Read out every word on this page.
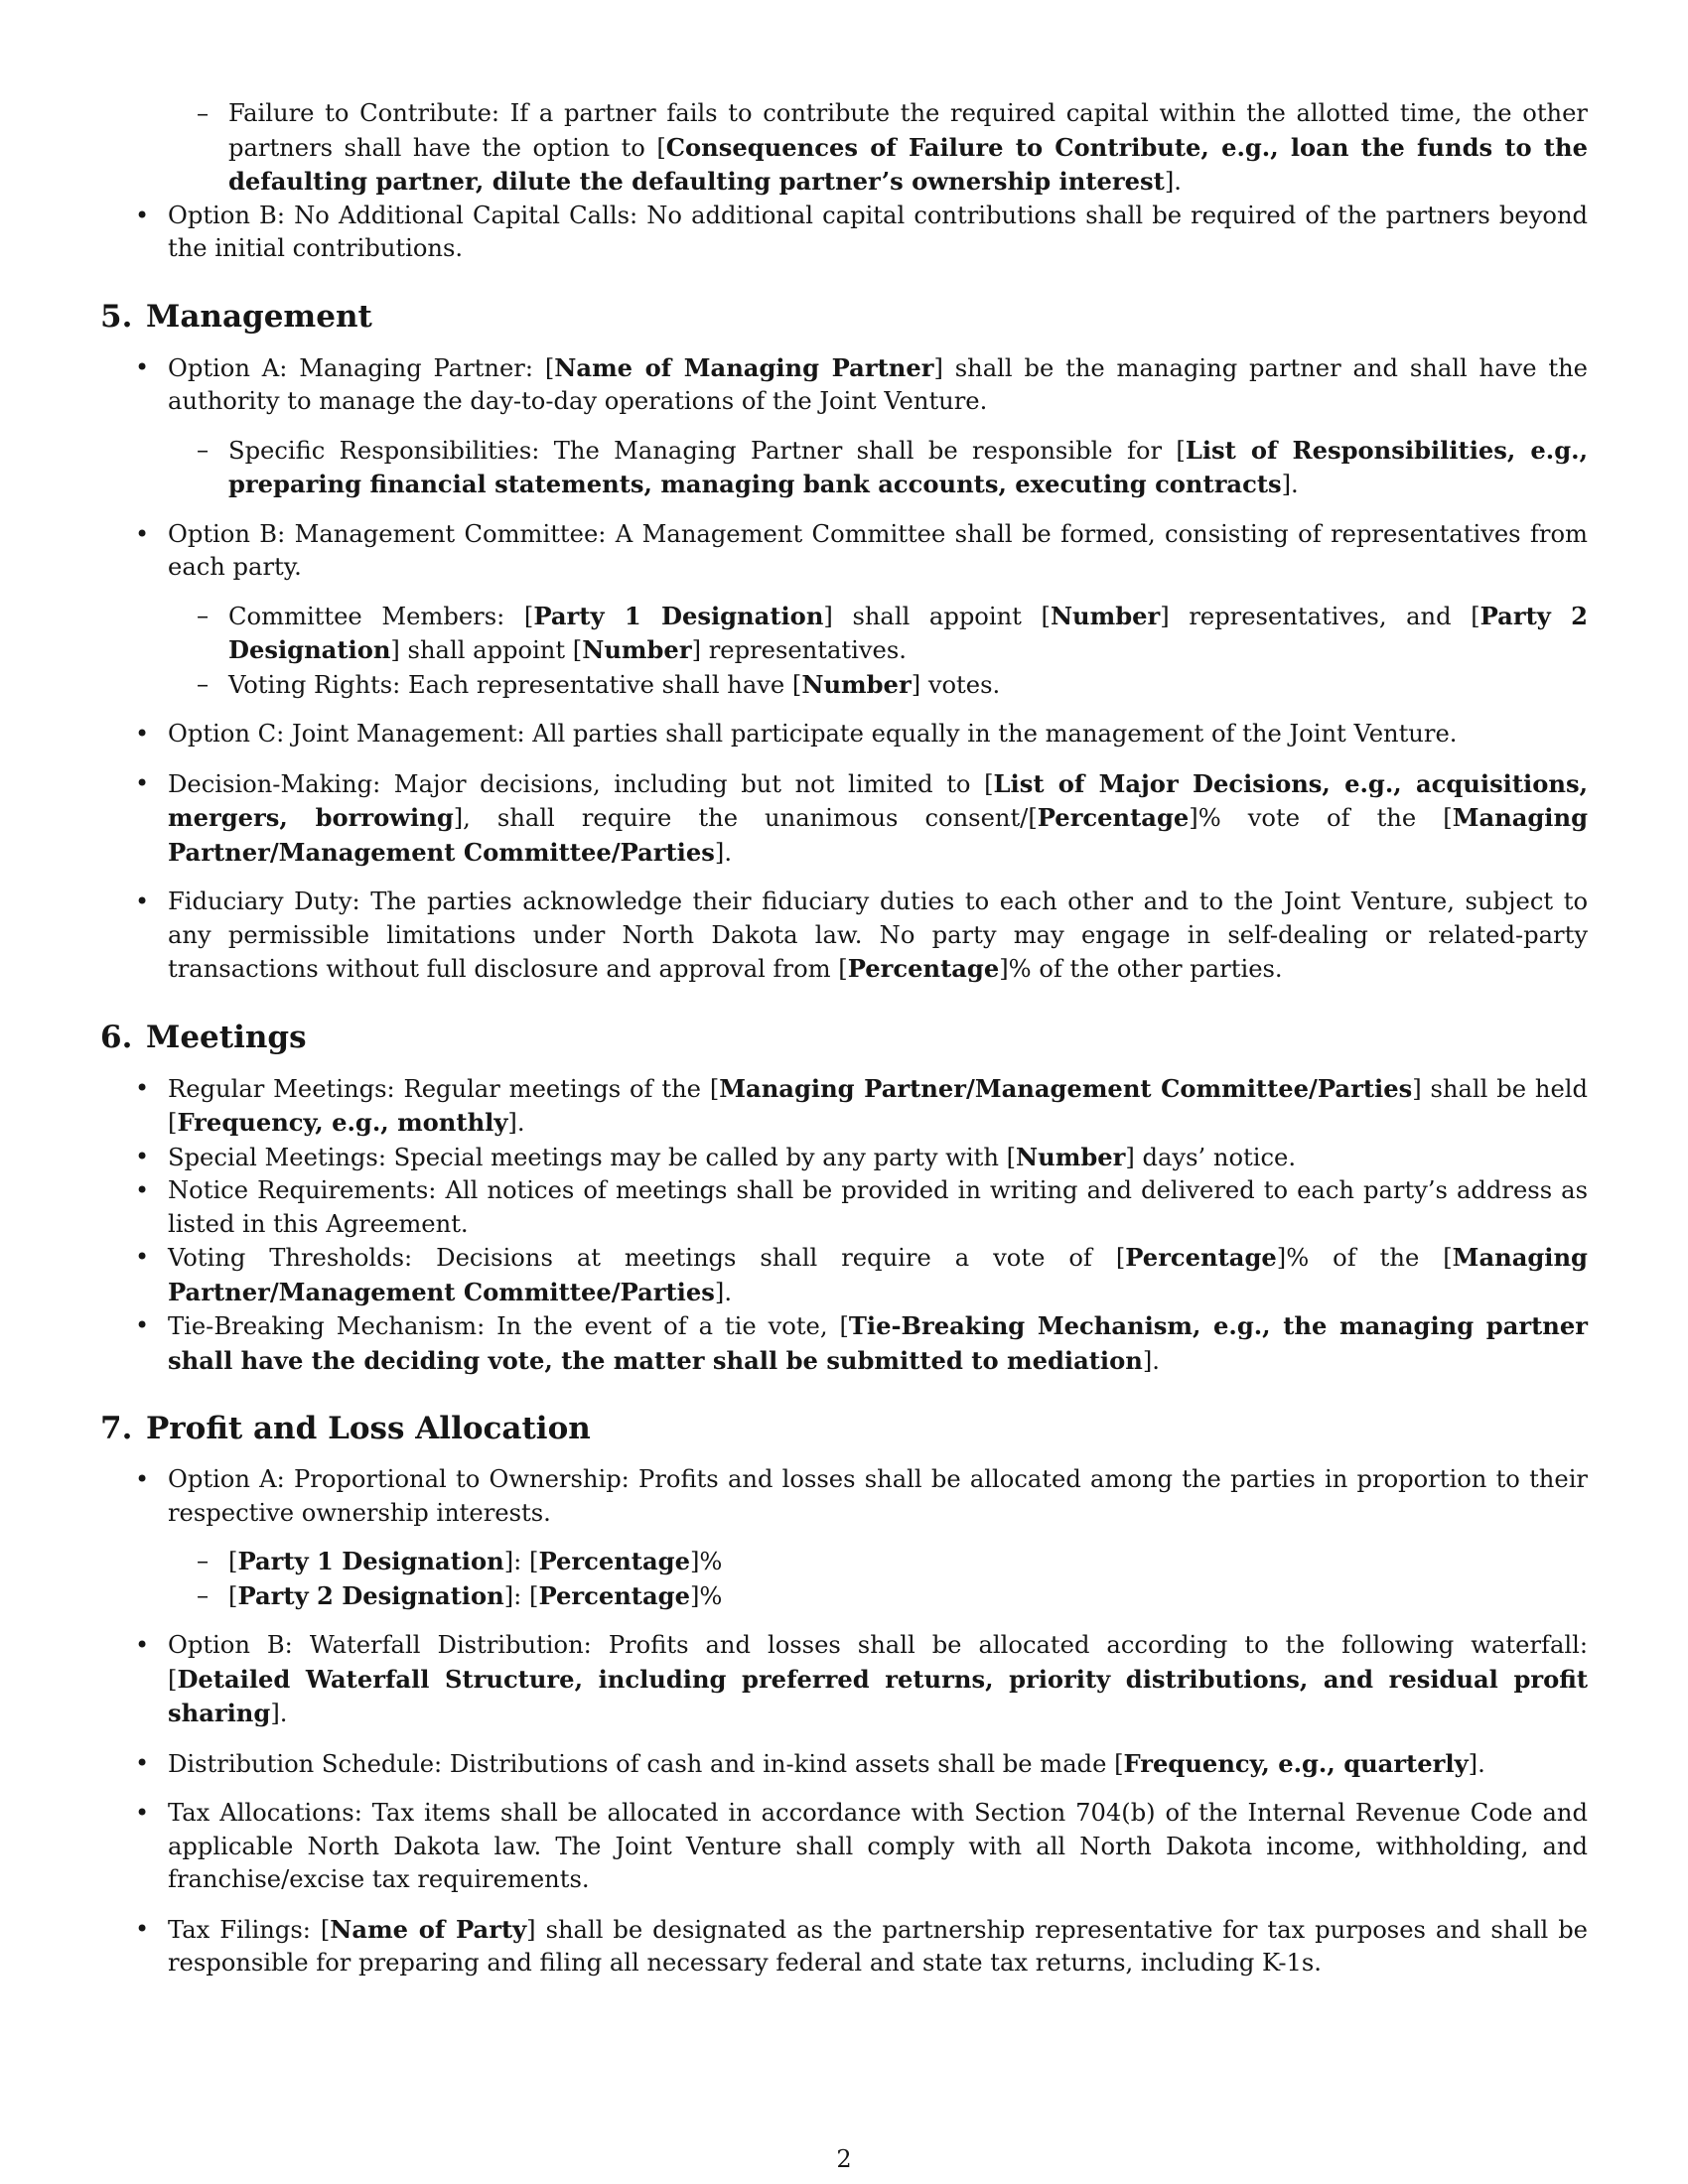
– Failure to Contribute: If a partner fails to contribute the required capital within the allotted time, the other partners shall have the option to [Consequences of Failure to Contribute, e.g., loan the funds to the defaulting partner, dilute the defaulting partner’s ownership interest].

• Option B: No Additional Capital Calls: No additional capital contributions shall be required of the partners beyond the initial contributions.

5. Management

• Option A: Managing Partner: [Name of Managing Partner] shall be the managing partner and shall have the authority to manage the day-to-day operations of the Joint Venture.

– Specific Responsibilities: The Managing Partner shall be responsible for [List of Responsibilities, e.g., preparing financial statements, managing bank accounts, executing contracts].

• Option B: Management Committee: A Management Committee shall be formed, consisting of representatives from each party.

– Committee Members: [Party 1 Designation] shall appoint [Number] representatives, and [Party 2 Designation] shall appoint [Number] representatives.

– Voting Rights: Each representative shall have [Number] votes.

• Option C: Joint Management: All parties shall participate equally in the management of the Joint Venture.

• Decision-Making: Major decisions, including but not limited to [List of Major Decisions, e.g., acquisitions, mergers, borrowing], shall require the unanimous consent/[Percentage]% vote of the [Managing Partner/Management Committee/Parties].

• Fiduciary Duty: The parties acknowledge their fiduciary duties to each other and to the Joint Venture, subject to any permissible limitations under North Dakota law. No party may engage in self-dealing or related-party transactions without full disclosure and approval from [Percentage]% of the other parties.

6. Meetings

• Regular Meetings: Regular meetings of the [Managing Partner/Management Committee/Parties] shall be held [Frequency, e.g., monthly].

• Special Meetings: Special meetings may be called by any party with [Number] days’ notice.

• Notice Requirements: All notices of meetings shall be provided in writing and delivered to each party’s address as listed in this Agreement.

• Voting Thresholds: Decisions at meetings shall require a vote of [Percentage]% of the [Managing Partner/Management Committee/Parties].

• Tie-Breaking Mechanism: In the event of a tie vote, [Tie-Breaking Mechanism, e.g., the managing partner shall have the deciding vote, the matter shall be submitted to mediation].

7. Profit and Loss Allocation

• Option A: Proportional to Ownership: Profits and losses shall be allocated among the parties in proportion to their respective ownership interests.

– [Party 1 Designation]: [Percentage]%

– [Party 2 Designation]: [Percentage]%

• Option B: Waterfall Distribution: Profits and losses shall be allocated according to the following waterfall: [Detailed Waterfall Structure, including preferred returns, priority distributions, and residual profit sharing].

• Distribution Schedule: Distributions of cash and in-kind assets shall be made [Frequency, e.g., quarterly].

• Tax Allocations: Tax items shall be allocated in accordance with Section 704(b) of the Internal Revenue Code and applicable North Dakota law. The Joint Venture shall comply with all North Dakota income, withholding, and franchise/excise tax requirements.

• Tax Filings: [Name of Party] shall be designated as the partnership representative for tax purposes and shall be responsible for preparing and filing all necessary federal and state tax returns, including K-1s.

2
